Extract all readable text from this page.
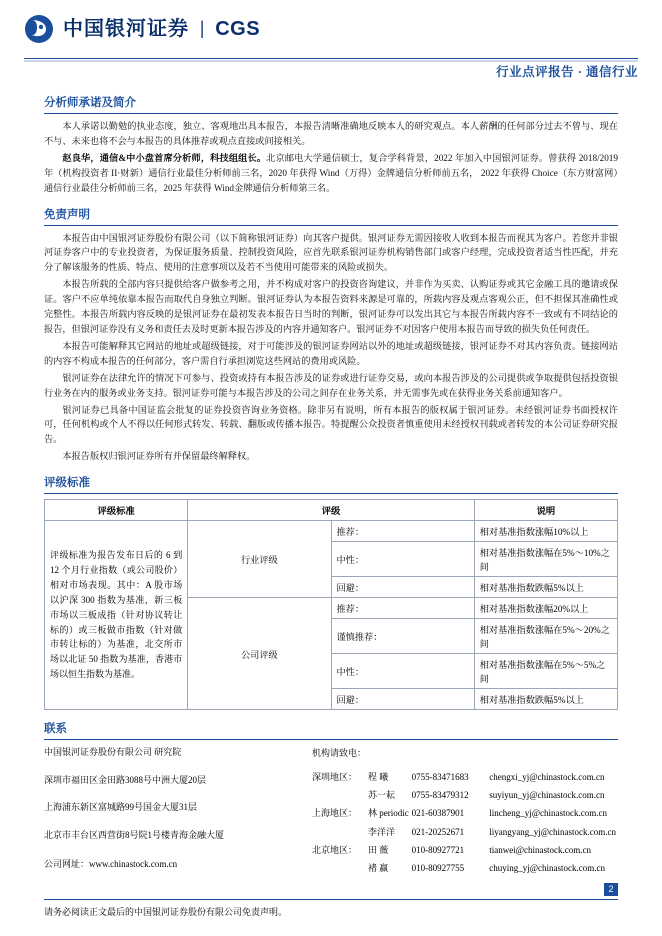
中国银河证券 | CGS
行业点评报告 · 通信行业
分析师承诺及简介

本人承诺以勤勉的执业态度，独立、客观地出具本报告，本报告清晰准确地反映本人的研究观点。本人薪酬的任何部分过去不曾与、现在不与、未来也将不会与本报告的具体推荐或观点直接或间接相关。

赵良华，通信&中小盘首席分析师，科技组组长。北京邮电大学通信硕士，复合学科背景，2022 年加入中国银河证券。曾获得 2018/2019 年（机构投资者 II·财新）通信行业最佳分析师前三名，2020 年获得 Wind（万得）金牌通信分析师前五名， 2022 年获得 Choice（东方财富网）通信行业最佳分析师前三名，2025 年获得 Wind金牌通信分析师第三名。

免责声明

本报告由中国银河证券股份有限公司（以下简称银河证券）向其客户提供。银河证券无需因接收人收到本报告而视其为客户。若您并非银河证券客户中的专业投资者，为保证服务质量、控制投资风险，应首先联系银河证券机构销售部门或客户经理，完成投资者适当性匹配，并充分了解该服务的性质、特点、使用的注意事项以及若不当使用可能带来的风险或损失。

本报告所载的全部内容只提供给客户做参考之用，并不构成对客户的投资咨询建议，并非作为买卖、认购证券或其它金融工具的邀请或保证。客户不应单纯依靠本报告而取代自身独立判断。银河证券认为本报告资料来源是可靠的，所载内容及观点客观公正，但不担保其准确性或完整性。本报告所载内容反映的是银河证券在最初发表本报告日当时的判断，银河证券可以发出其它与本报告所载内容不一致或有不同结论的报告，但银河证券没有义务和责任去及时更新本报告涉及的内容并通知客户。银河证券不对因客户使用本报告而导致的损失负任何责任。

本报告可能解释其它网站的地址或超级链接，对于可能涉及的银河证券网站以外的地址或超级链接，银河证券不对其内容负责。链接网站的内容不构成本报告的任何部分，客户需自行承担浏览这些网站的费用或风险。

银河证券在法律允许的情况下可参与、投资或持有本报告涉及的证券或进行证券交易，或向本报告涉及的公司提供或争取提供包括投资银行业务在内的服务或业务支持。银河证券可能与本报告涉及的公司之间存在业务关系，并无需事先或在获得业务关系前通知客户。

银河证券已具备中国证监会批复的证券投资咨询业务资格。除非另有说明，所有本报告的版权属于银河证券。未经银河证券书面授权许可，任何机构或个人不得以任何形式转发、转载、翻版或传播本报告。特提醒公众投资者慎重使用未经授权刊载或者转发的本公司证券研究报告。

本报告版权归银河证券所有并保留最终解释权。

评级标准
评级标准	评级		说明
评级标准为报告发布日后的 6 到 12 个月行业指数（或公司股价）相对市场表现。其中：A 股市场以沪深 300 指数为基准，新三板市场以三板成指（针对协议转让标的）或三板做市指数（针对做市转让标的）为基准，北交所市场以北证 50 指数为基准，香港市场以恒生指数为基准。	行业评级	推荐：	相对基准指数涨幅10%以上
		中性：	相对基准指数涨幅在5%～10%之间
		回避：	相对基准指数跌幅5%以上
	公司评级	推荐：	相对基准指数涨幅20%以上
		谨慎推荐：	相对基准指数涨幅在5%～20%之间
		中性：	相对基准指数涨幅在5%～5%之间
		回避：	相对基准指数跌幅5%以上
联系
中国银河证券股份有限公司 研究院
深圳市福田区金田路3088号中洲大厦20层
上海浦东新区富城路99号国金大厦31层
北京市丰台区西营街8号院1号楼青海金融大厦
公司网址：www.chinastock.com.cn
机构请致电：
深圳地区：	程 曦	0755-83471683	chengxi_yj@chinastock.com.cn
	苏一耘	0755-83479312	suyiyun_yj@chinastock.com.cn
上海地区：	林 periodic	021-60387901	lincheng_yj@chinastock.com.cn
	李洋洋	021-20252671	liyangyang_yj@chinastock.com.cn
北京地区：	田 薇	010-80927721	tianwei@chinastock.com.cn
	褚 赢	010-80927755	chuying_yj@chinastock.com.cn
2
请务必阅读正文最后的中国银河证券股份有限公司免责声明。
